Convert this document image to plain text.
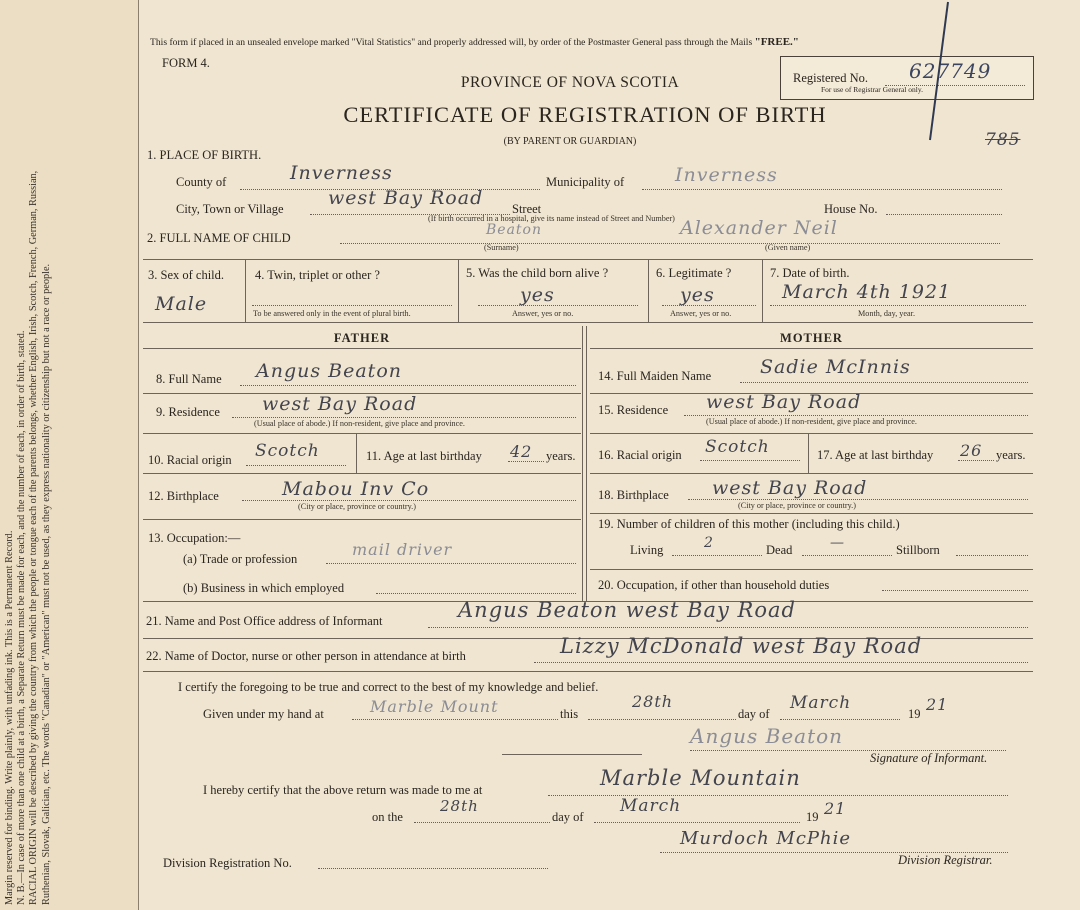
Margin reserved for binding. Write plainly, with unfading ink. This is a Permanent Record. N. B.—In case of more than one child at a birth, a Separate Return must be made for each, and the number of each, in order of birth, stated. RACIAL ORIGIN will be described by giving the country from which the people or tongue each of the parents belongs, whether English, Irish, Scotch, French, German, Russian, Ruthenian, Slovak, Galician, etc. The words "Canadian" or "American" must not be used, as they express nationality or citizenship but not a race or people.

This form if placed in an unsealed envelope marked "Vital Statistics" and properly addressed will, by order of the Postmaster General pass through the Mails "FREE."
FORM 4.
Registered No. 627749
For use of Registrar General only.
PROVINCE OF NOVA SCOTIA
CERTIFICATE OF REGISTRATION OF BIRTH
(BY PARENT OR GUARDIAN)	785
1. PLACE OF BIRTH.
County of	Inverness	Municipality of	Inverness
City, Town or Village west Bay Road Street
(If birth occurred in a hospital, give its name instead of Street and Number)
House No.
2. FULL NAME OF CHILD	Beaton
(Surname)
Alexander Neil
(Given name)
3. Sex of child.
Male
4. Twin, triplet or other ?
To be answered only in the event of plural birth.
5. Was the child born alive ?
yes
Answer, yes or no.
6. Legitimate ?
yes
Answer, yes or no.
7. Date of birth.
March 4th 1921
Month, day, year.
FATHER	MOTHER
8. Full Name Angus Beaton
9. Residence west Bay Road
(Usual place of abode.) If non-resident, give place and province.
10. Racial origin Scotch	11. Age at last birthday 42 years.
12. Birthplace	Mabou Inv Co
(City or place, province or country.)
13. Occupation:—
(a) Trade or profession	mail driver
(b) Business in which employed
14. Full Maiden Name	Sadie McInnis
15. Residence west Bay Road
(Usual place of abode.) If non-resident, give place and province.
16. Racial origin Scotch	17. Age at last birthday 26 years.
18. Birthplace west Bay Road
(City or place, province or country.)
19. Number of children of this mother (including this child.)
Living	2	Dead	—	Stillborn
20. Occupation, if other than household duties
21. Name and Post Office address of Informant	Angus Beaton west Bay Road
22. Name of Doctor, nurse or other person in attendance at birth	Lizzy McDonald west Bay Road
I certify the foregoing to be true and correct to the best of my knowledge and belief.
Given under my hand at	Marble Mount	this
28th
day of
March
19 21
Angus Beaton
Signature of Informant.
I hereby certify that the above return was made to me at	Marble Mountain
on the
28th
day of
March
19 21
Murdoch McPhie
Division Registrar.
Division Registration No.
